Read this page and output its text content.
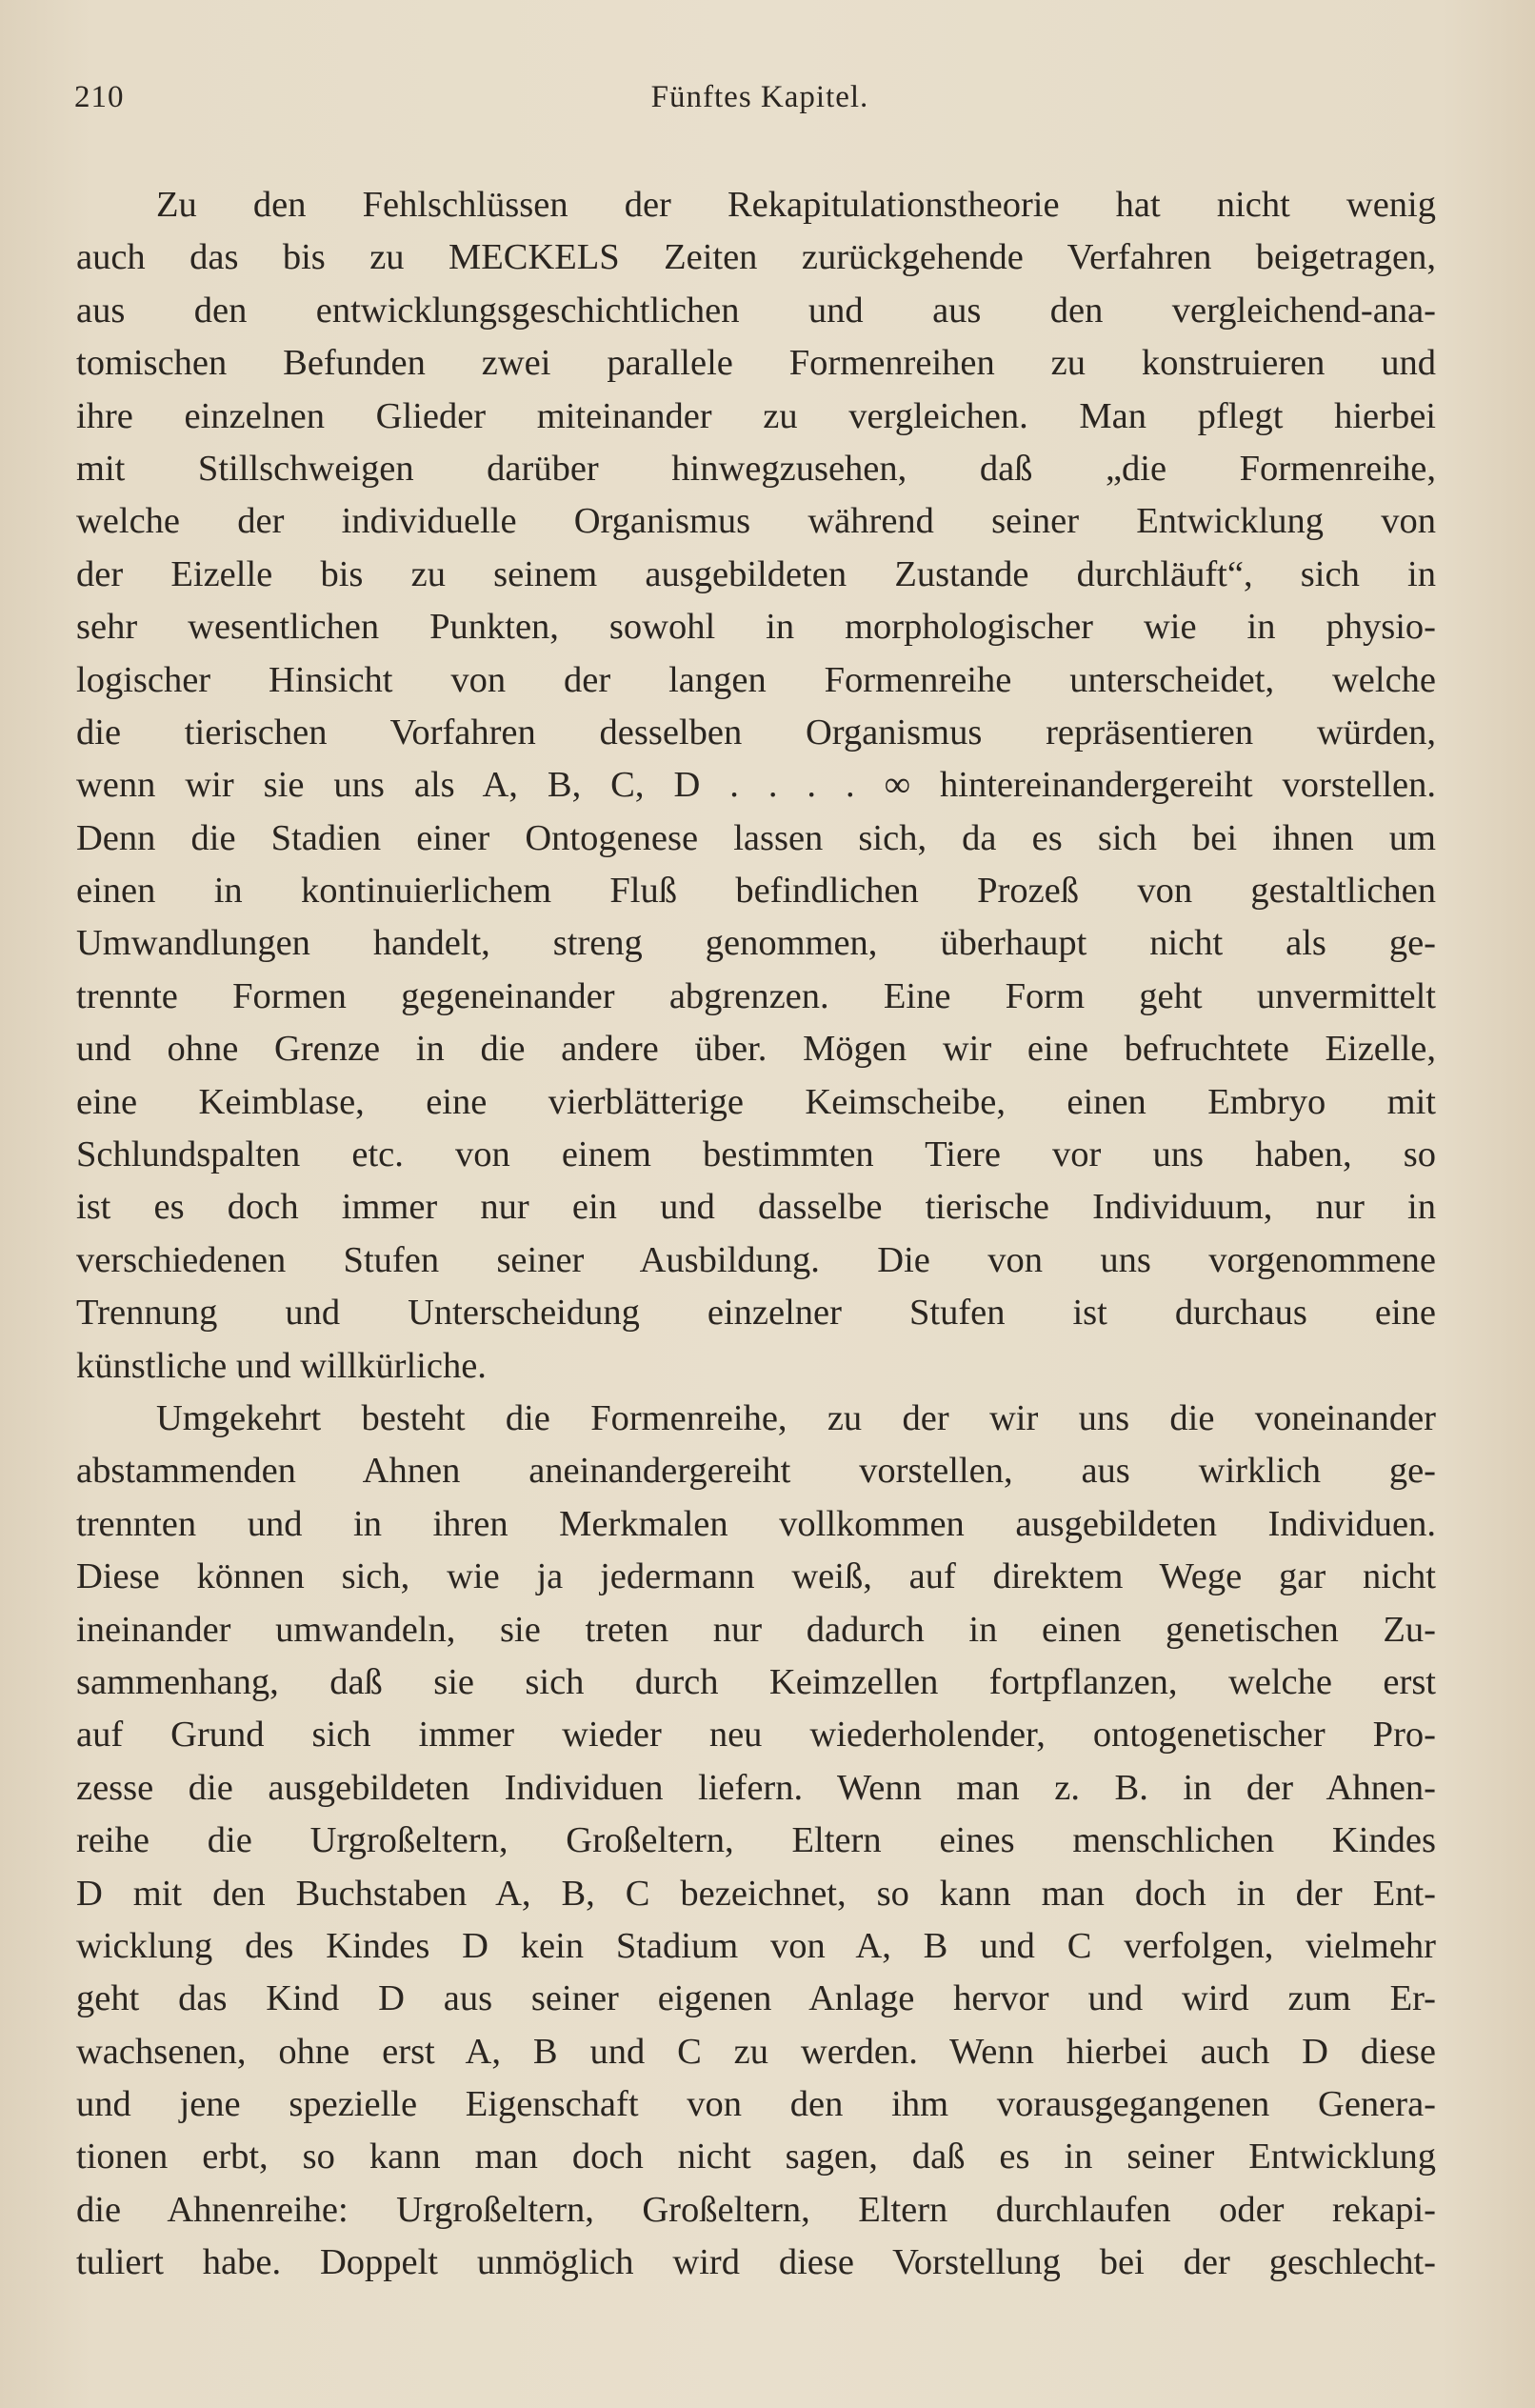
210	Fünftes Kapitel.
Zu den Fehlschlüssen der Rekapitulationstheorie hat nicht wenig
auch das bis zu MECKELS Zeiten zurückgehende Verfahren beigetragen,
aus den entwicklungsgeschichtlichen und aus den vergleichend-ana-
tomischen Befunden zwei parallele Formenreihen zu konstruieren und
ihre einzelnen Glieder miteinander zu vergleichen. Man pflegt hierbei
mit Stillschweigen darüber hinwegzusehen, daß „die Formenreihe,
welche der individuelle Organismus während seiner Entwicklung von
der Eizelle bis zu seinem ausgebildeten Zustande durchläuft“, sich in
sehr wesentlichen Punkten, sowohl in morphologischer wie in physio-
logischer Hinsicht von der langen Formenreihe unterscheidet, welche
die tierischen Vorfahren desselben Organismus repräsentieren würden,
wenn wir sie uns als A, B, C, D . . . . ∞ hintereinandergereiht vorstellen.
Denn die Stadien einer Ontogenese lassen sich, da es sich bei ihnen um
einen in kontinuierlichem Fluß befindlichen Prozeß von gestaltlichen
Umwandlungen handelt, streng genommen, überhaupt nicht als ge-
trennte Formen gegeneinander abgrenzen. Eine Form geht unvermittelt
und ohne Grenze in die andere über. Mögen wir eine befruchtete Eizelle,
eine Keimblase, eine vierblätterige Keimscheibe, einen Embryo mit
Schlundspalten etc. von einem bestimmten Tiere vor uns haben, so
ist es doch immer nur ein und dasselbe tierische Individuum, nur in
verschiedenen Stufen seiner Ausbildung. Die von uns vorgenommene
Trennung und Unterscheidung einzelner Stufen ist durchaus eine
künstliche und willkürliche.
Umgekehrt besteht die Formenreihe, zu der wir uns die voneinander
abstammenden Ahnen aneinandergereiht vorstellen, aus wirklich ge-
trennten und in ihren Merkmalen vollkommen ausgebildeten Individuen.
Diese können sich, wie ja jedermann weiß, auf direktem Wege gar nicht
ineinander umwandeln, sie treten nur dadurch in einen genetischen Zu-
sammenhang, daß sie sich durch Keimzellen fortpflanzen, welche erst
auf Grund sich immer wieder neu wiederholender, ontogenetischer Pro-
zesse die ausgebildeten Individuen liefern. Wenn man z. B. in der Ahnen-
reihe die Urgroßeltern, Großeltern, Eltern eines menschlichen Kindes
D mit den Buchstaben A, B, C bezeichnet, so kann man doch in der Ent-
wicklung des Kindes D kein Stadium von A, B und C verfolgen, vielmehr
geht das Kind D aus seiner eigenen Anlage hervor und wird zum Er-
wachsenen, ohne erst A, B und C zu werden. Wenn hierbei auch D diese
und jene spezielle Eigenschaft von den ihm vorausgegangenen Genera-
tionen erbt, so kann man doch nicht sagen, daß es in seiner Entwicklung
die Ahnenreihe: Urgroßeltern, Großeltern, Eltern durchlaufen oder rekapi-
tuliert habe. Doppelt unmöglich wird diese Vorstellung bei der geschlecht-
